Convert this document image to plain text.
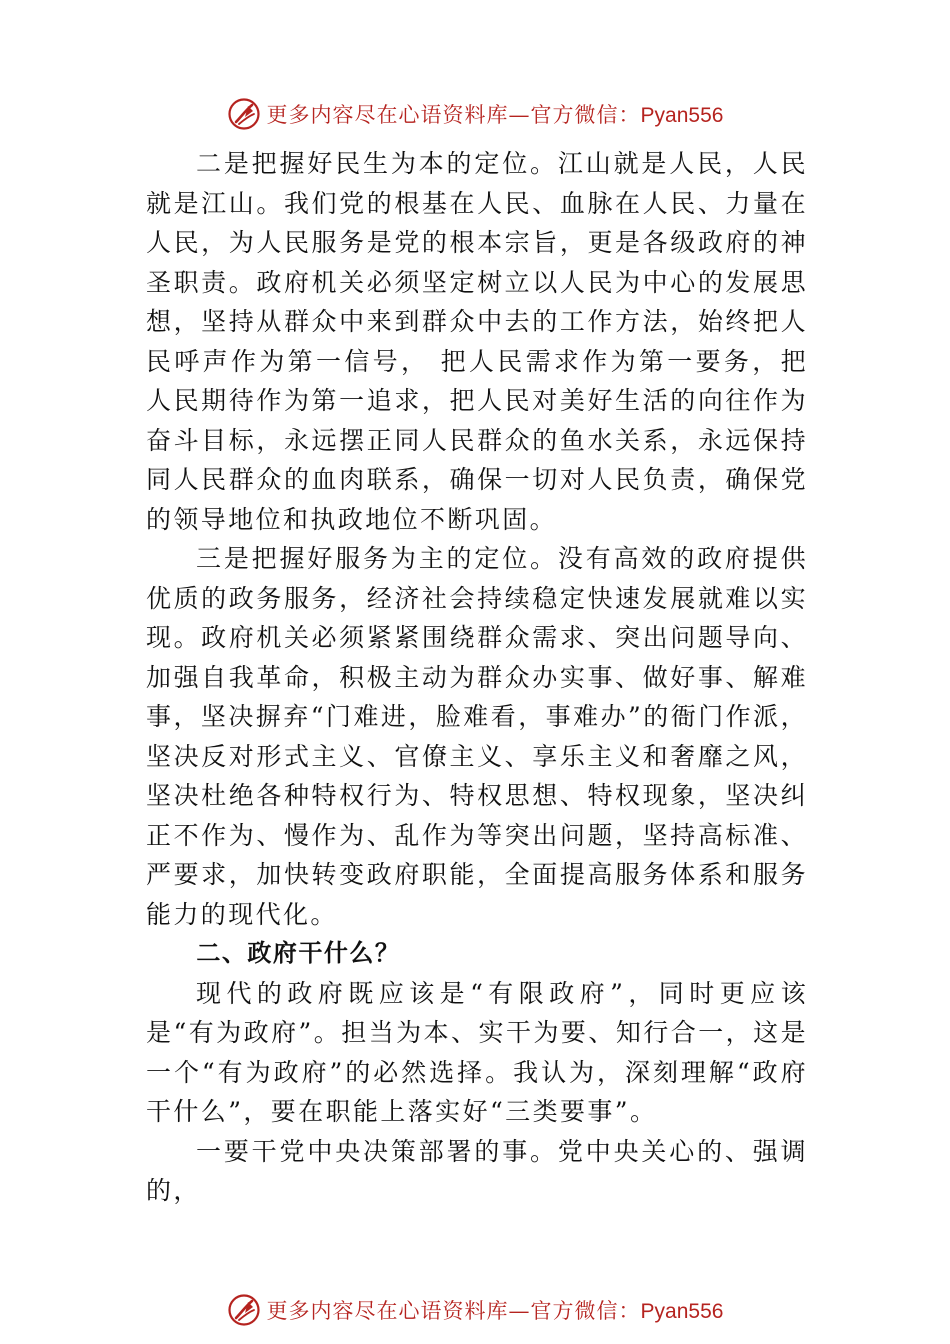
更多内容尽在心语资料库—官方微信：Pyan556

二是把握好民生为本的定位。江山就是人民，人民就是江山。我们党的根基在人民、血脉在人民、力量在人民，为人民服务是党的根本宗旨，更是各级政府的神圣职责。政府机关必须坚定树立以人民为中心的发展思想，坚持从群众中来到群众中去的工作方法，始终把人民呼声作为第一信号， 把人民需求作为第一要务，把人民期待作为第一追求，把人民对美好生活的向往作为奋斗目标，永远摆正同人民群众的鱼水关系，永远保持同人民群众的血肉联系，确保一切对人民负责，确保党的领导地位和执政地位不断巩固。

三是把握好服务为主的定位。没有高效的政府提供优质的政务服务，经济社会持续稳定快速发展就难以实现。政府机关必须紧紧围绕群众需求、突出问题导向、加强自我革命，积极主动为群众办实事、做好事、解难事，坚决摒弃“门难进，脸难看，事难办”的衙门作派，坚决反对形式主义、官僚主义、享乐主义和奢靡之风，坚决杜绝各种特权行为、特权思想、特权现象，坚决纠正不作为、慢作为、乱作为等突出问题，坚持高标准、严要求，加快转变政府职能，全面提高服务体系和服务能力的现代化。

二、政府干什么？

现代的政府既应该是“有限政府”，同时更应该是“有为政府”。担当为本、实干为要、知行合一，这是一个“有为政府”的必然选择。我认为，深刻理解“政府干什么”，要在职能上落实好“三类要事”。

一要干党中央决策部署的事。党中央关心的、强调的，

更多内容尽在心语资料库—官方微信：Pyan556
